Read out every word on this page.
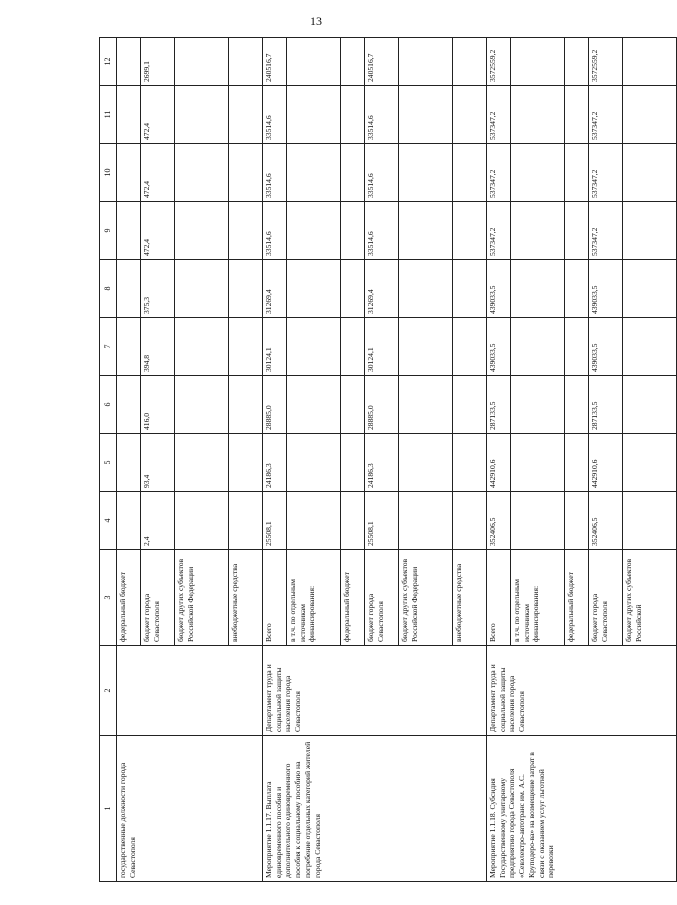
13
1	2	3	4	5	6	7	8	9	10	11	12
государственные должности города Севастополя		федеральный бюджет									
		бюджет города Севастополя	2,4	93,4	416,0	394,8	375,3	472,4	472,4	472,4	2699,1
		бюджет других субъектов Российской Федерации									
		внебюджетные средства									
Мероприятие 1.1.17. Выплата единовременного пособия и дополнительного единовременного пособия к социальному пособию на погребение отдельных категорий жителей города Севастополя	Департамент труда и социальной защиты населения города Севастополя	Всего	25508,1	24186,3	28885,0	30124,1	31269,4	33514,6	33514,6	33514,6	240516,7
		в т.ч. по отдельным источникам финансирования:									
		федеральный бюджет									
		бюджет города Севастополя	25508,1	24186,3	28885,0	30124,1	31269,4	33514,6	33514,6	33514,6	240516,7
		бюджет других субъектов Российской Федерации									
		внебюджетные средства									
Мероприятие 1.1.18. Субсидия Государственному унитарному предприятию города Севастополя «Севэлектро-автотранс им. А.С. Круподеро-ва» на возмещение затрат в связи с оказанием услуг льготной перевозки	Департамент труда и социальной защиты населения города Севастополя	Всего	352406,5	442910,6	287133,5	439033,5	439033,5	537347,2	537347,2	537347,2	3572559,2
		в т.ч. по отдельным источникам финансирования:									
		федеральный бюджет									
		бюджет города Севастополя	352406,5	442910,6	287133,5	439033,5	439033,5	537347,2	537347,2	537347,2	3572559,2
		бюджет других субъектов Российской									
